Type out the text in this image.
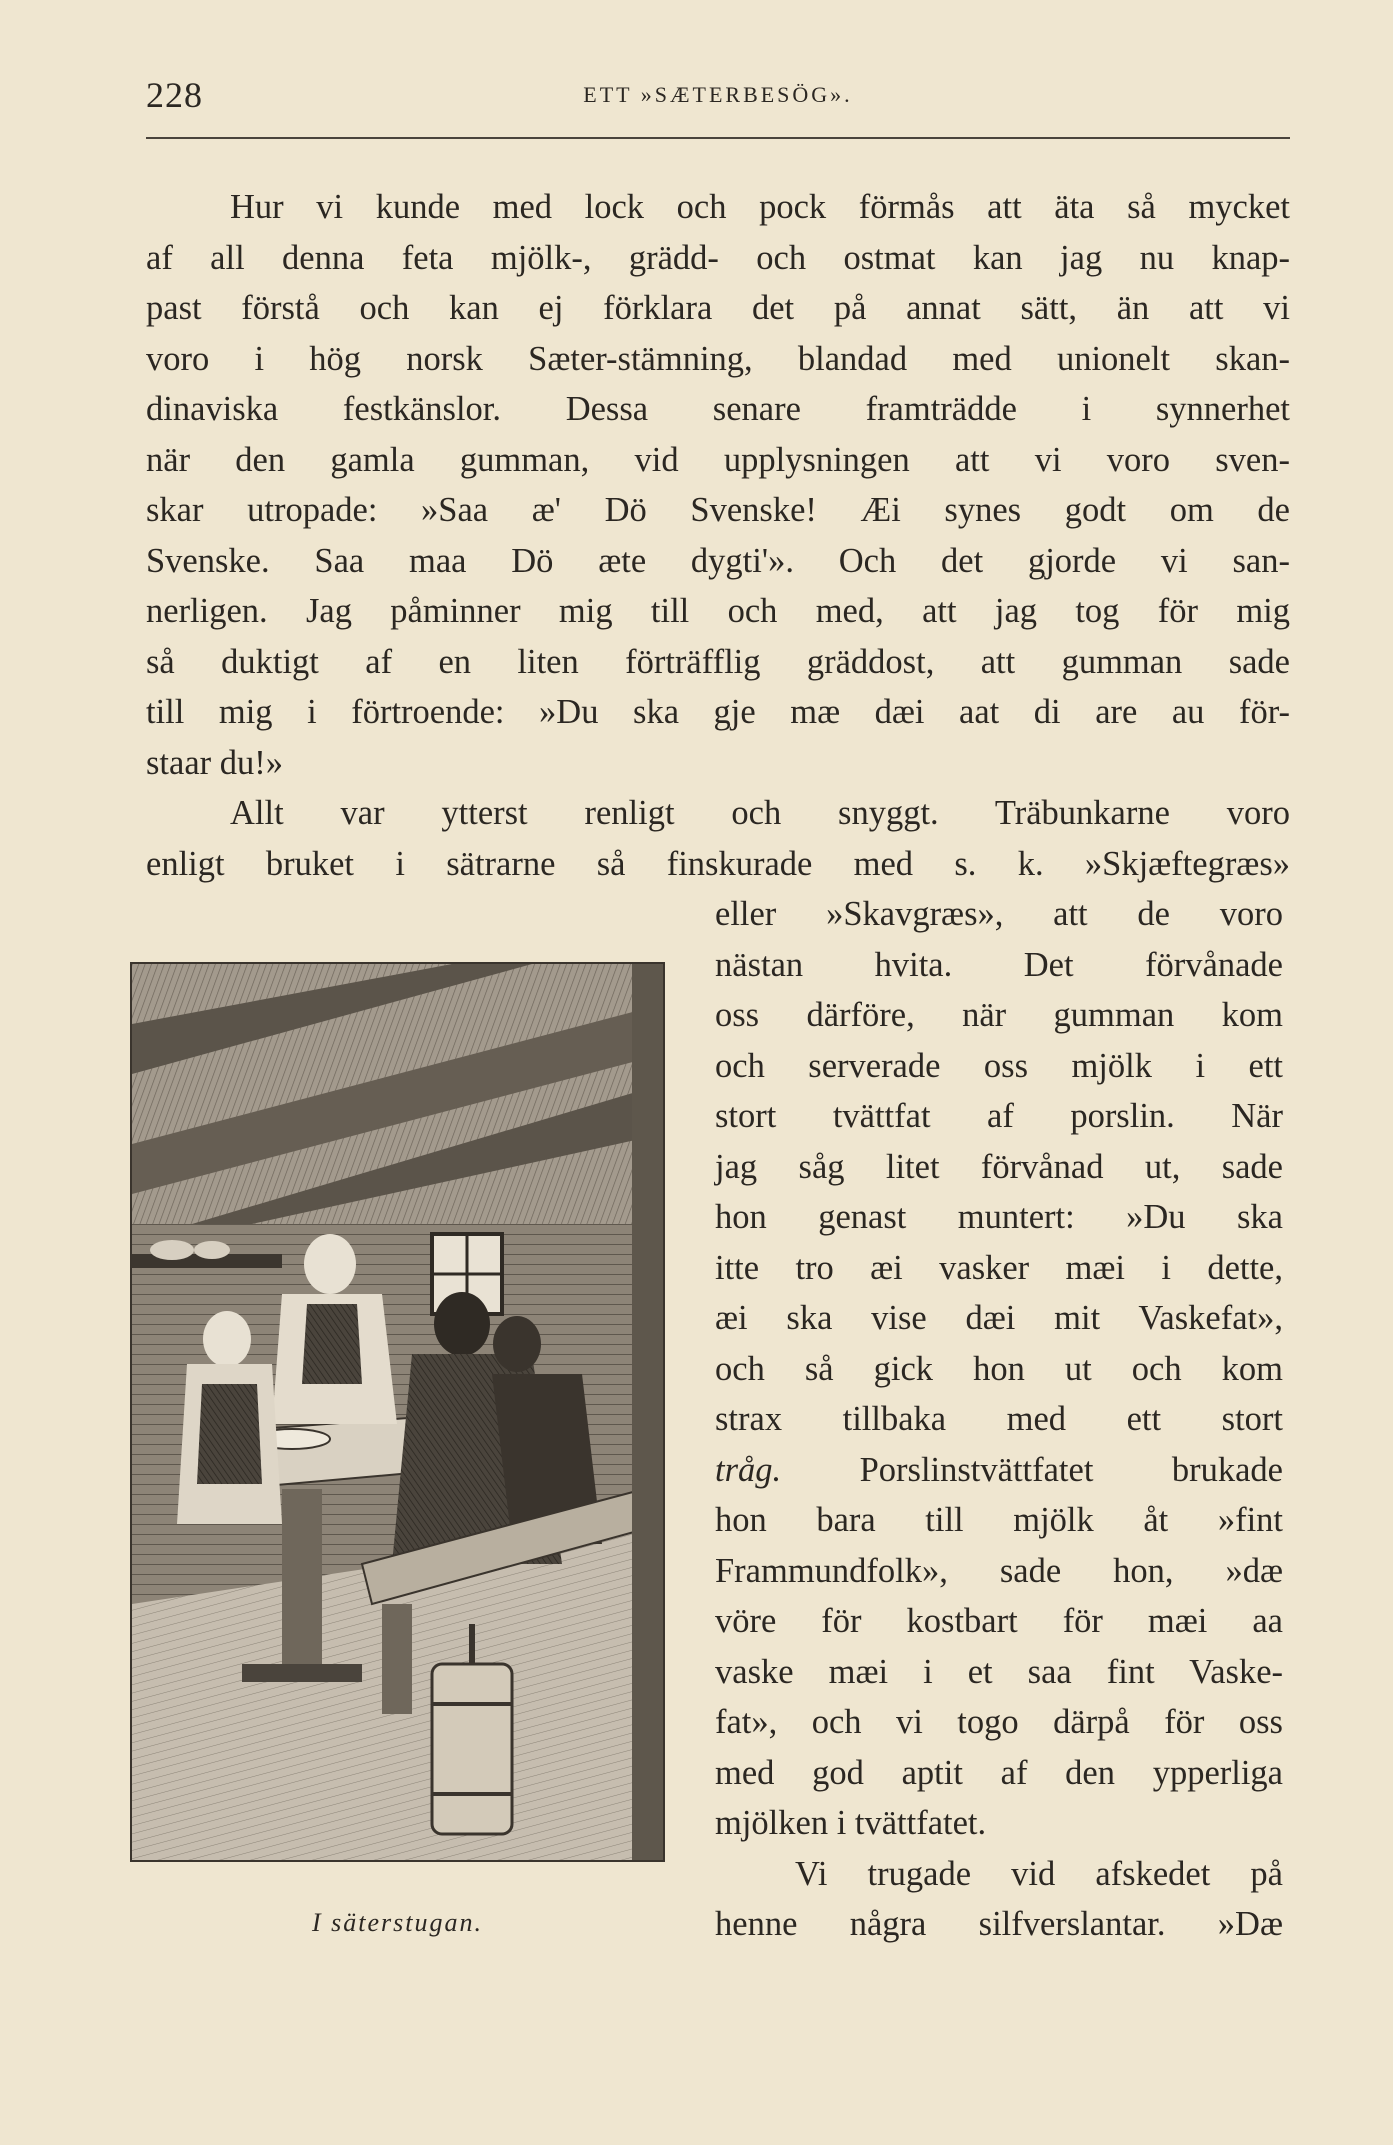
228	ETT »SÆTERBESÖG».
Hur vi kunde med lock och pock förmås att äta så mycket
af all denna feta mjölk-, grädd- och ostmat kan jag nu knap-
past förstå och kan ej förklara det på annat sätt, än att vi
voro i hög norsk Sæter-stämning, blandad med unionelt skan-
dinaviska festkänslor. Dessa senare framträdde i synnerhet
när den gamla gumman, vid upplysningen att vi voro sven-
skar utropade: »Saa æ' Dö Svenske! Æi synes godt om de
Svenske. Saa maa Dö æte dygti'». Och det gjorde vi san-
nerligen. Jag påminner mig till och med, att jag tog för mig
så duktigt af en liten förträfflig gräddost, att gumman sade
till mig i förtroende: »Du ska gje mæ dæi aat di are au för-
staar du!»
Allt var ytterst renligt och snyggt. Träbunkarne voro
enligt bruket i sätrarne så finskurade med s. k. »Skjæftegræs»
eller »Skavgræs», att de voro
nästan hvita. Det förvånade
oss därföre, när gumman kom
och serverade oss mjölk i ett
stort tvättfat af porslin. När
jag såg litet förvånad ut, sade
hon genast muntert: »Du ska
itte tro æi vasker mæi i dette,
æi ska vise dæi mit Vaskefat»,
och så gick hon ut och kom
strax tillbaka med ett stort
tråg. Porslinstvättfatet brukade
hon bara till mjölk åt »fint
Frammundfolk», sade hon, »dæ
vöre för kostbart för mæi aa
vaske mæi i et saa fint Vaske-
fat», och vi togo därpå för oss
med god aptit af den ypperliga
mjölken i tvättfatet.
Vi trugade vid afskedet på
henne några silfverslantar. »Dæ
I säterstugan.
